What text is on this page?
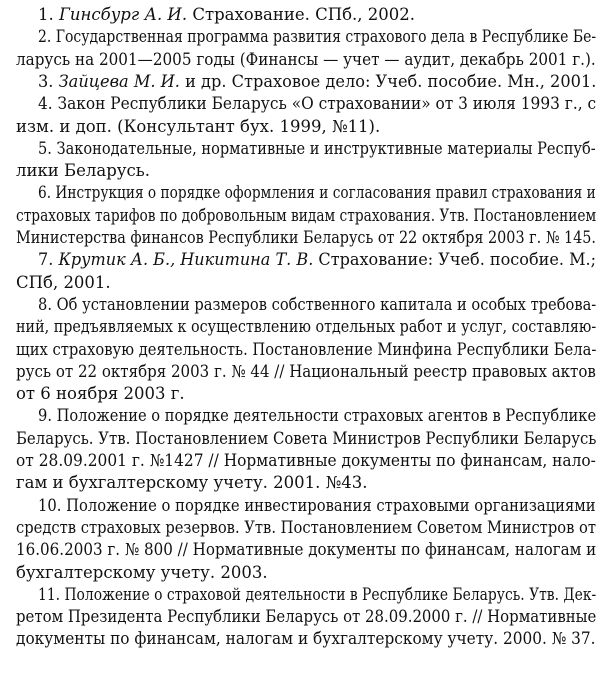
1. Гинсбург А. И. Страхование. СПб., 2002.
2. Государственная программа развития страхового дела в Республике Бе-
ларусь на 2001—2005 годы (Финансы — учет — аудит, декабрь 2001 г.).
3. Зайцева М. И. и др. Страховое дело: Учеб. пособие. Мн., 2001.
4. Закон Республики Беларусь «О страховании» от 3 июля 1993 г., с
изм. и доп. (Консультант бух. 1999, №11).
5. Законодательные, нормативные и инструктивные материалы Респуб-
лики Беларусь.
6. Инструкция о порядке оформления и согласования правил страхования и
страховых тарифов по добровольным видам страхования. Утв. Постановлением
Министерства финансов Республики Беларусь от 22 октября 2003 г. № 145.
7. Крутик А. Б., Никитина Т. В. Страхование: Учеб. пособие. М.;
СПб, 2001.
8. Об установлении размеров собственного капитала и особых требова-
ний, предъявляемых к осуществлению отдельных работ и услуг, составляю-
щих страховую деятельность. Постановление Минфина Республики Бела-
русь от 22 октября 2003 г. № 44 // Национальный реестр правовых актов
от 6 ноября 2003 г.
9. Положение о порядке деятельности страховых агентов в Республике
Беларусь. Утв. Постановлением Совета Министров Республики Беларусь
от 28.09.2001 г. №1427 // Нормативные документы по финансам, нало-
гам и бухгалтерскому учету. 2001. №43.
10. Положение о порядке инвестирования страховыми организациями
средств страховых резервов. Утв. Постановлением Советом Министров от
16.06.2003 г. № 800 // Нормативные документы по финансам, налогам и
бухгалтерскому учету. 2003.
11. Положение о страховой деятельности в Республике Беларусь. Утв. Дек-
ретом Президента Республики Беларусь от 28.09.2000 г. // Нормативные
документы по финансам, налогам и бухгалтерскому учету. 2000. № 37.
